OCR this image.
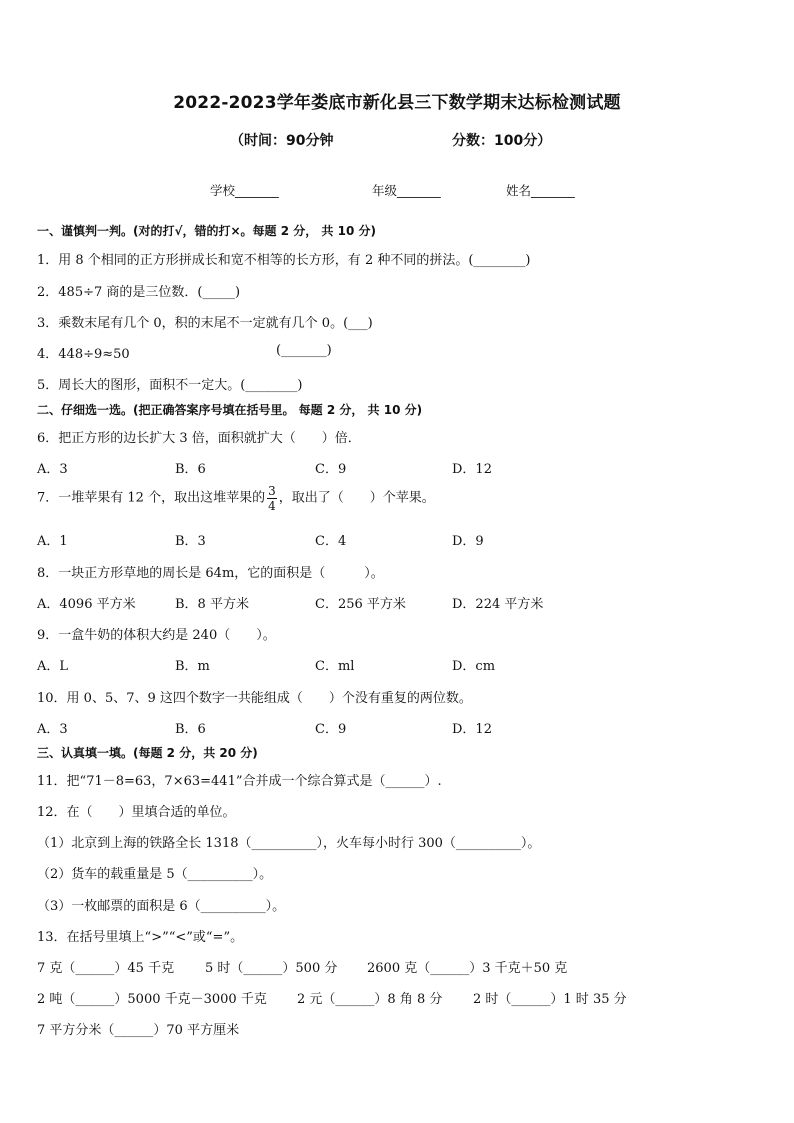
2022-2023学年娄底市新化县三下数学期末达标检测试题
（时间：90分钟	分数：100分）
学校_______	年级_______	姓名_______
一、谨慎判一判。(对的打√，错的打×。每题 2 分， 共 10 分)
1．用 8 个相同的正方形拼成长和宽不相等的长方形，有 2 种不同的拼法。(________)
2．485÷7 商的是三位数．(_____)
3．乘数末尾有几个 0，积的末尾不一定就有几个 0。(___)
4．448÷9≈50	(_______)
5．周长大的图形，面积不一定大。(________)
二、仔细选一选。(把正确答案序号填在括号里。 每题 2 分， 共 10 分)
6．把正方形的边长扩大 3 倍，面积就扩大（　　）倍．
A．3	B．6	C．9	D．12
7．一堆苹果有 12 个，取出这堆苹果的 $\frac{3}{4}$ ，取出了（　　）个苹果。
A．1	B．3	C．4	D．9
8．一块正方形草地的周长是 64m，它的面积是（　　　）。
A．4096 平方米	B．8 平方米	C．256 平方米	D．224 平方米
9．一盒牛奶的体积大约是 240（　　）。
A．L	B．m	C．ml	D．cm
10．用 0、5、7、9 这四个数字一共能组成（　　）个没有重复的两位数。
A．3	B．6	C．9	D．12
三、认真填一填。(每题 2 分，共 20 分)
11．把“71－8=63，7×63=441”合并成一个综合算式是（______）.
12．在（　　）里填合适的单位。
（1）北京到上海的铁路全长 1318（__________），火车每小时行 300（__________）。
（2）货车的载重量是 5（__________）。
（3）一枚邮票的面积是 6（__________）。
13．在括号里填上“>”“<”或“=”。
7 克（______）45 千克 5 时（______）500 分 2600 克（______）3 千克＋50 克
2 吨（______）5000 千克－3000 千克 2 元（______）8 角 8 分 2 时（______）1 时 35 分
7 平方分米（______）70 平方厘米
